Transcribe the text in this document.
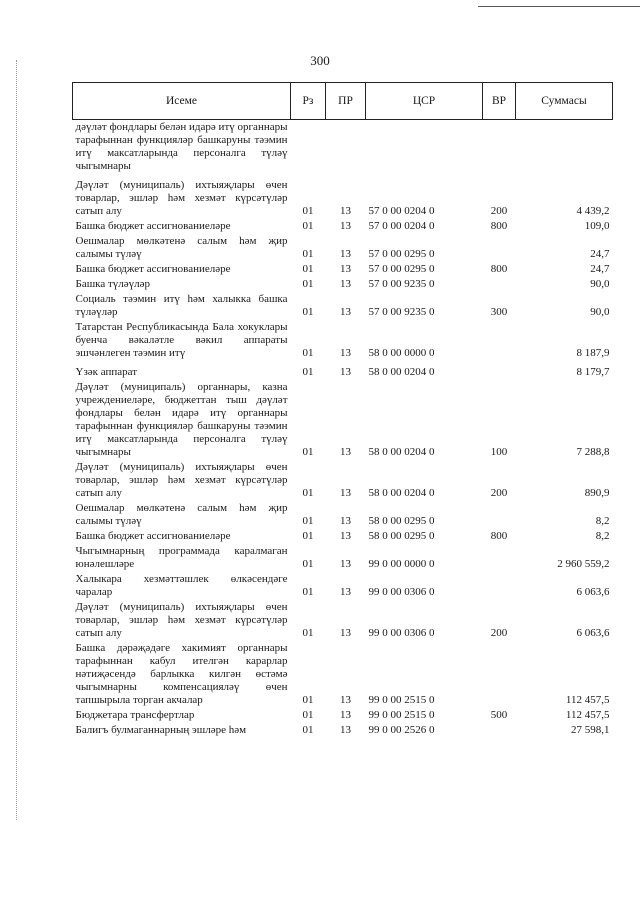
300
Исеме	Рз	ПР	ЦСР	ВР	Суммасы
дәүләт фондлары белән идарә итү органнары тарафыннан функцияләр башкаруны тәэмин итү максатларында персоналга түләү чыгымнары					
Дәүләт (муниципаль) ихтыяҗлары өчен товарлар, эшләр һәм хезмәт күрсәтүләр сатып алу	01	13	57 0 00 0204 0	200	4 439,2
Башка бюджет ассигнованиеләре	01	13	57 0 00 0204 0	800	109,0
Оешмалар мөлкәтенә салым һәм җир салымы түләү	01	13	57 0 00 0295 0		24,7
Башка бюджет ассигнованиеләре	01	13	57 0 00 0295 0	800	24,7
Башка түләүләр	01	13	57 0 00 9235 0		90,0
Социаль тәэмин итү һәм халыкка башка түләүләр	01	13	57 0 00 9235 0	300	90,0
Татарстан Республикасында Бала хокуклары буенча вәкаләтле вәкил аппараты эшчәнлеген тәэмин итү	01	13	58 0 00 0000 0		8 187,9
Үзәк аппарат	01	13	58 0 00 0204 0		8 179,7
Дәүләт (муниципаль) органнары, казна учреждениеләре, бюджеттан тыш дәүләт фондлары белән идарә итү органнары тарафыннан функцияләр башкаруны тәэмин итү максатларында персоналга түләү чыгымнары	01	13	58 0 00 0204 0	100	7 288,8
Дәүләт (муниципаль) ихтыяҗлары өчен товарлар, эшләр һәм хезмәт күрсәтүләр сатып алу	01	13	58 0 00 0204 0	200	890,9
Оешмалар мөлкәтенә салым һәм җир салымы түләү	01	13	58 0 00 0295 0		8,2
Башка бюджет ассигнованиеләре	01	13	58 0 00 0295 0	800	8,2
Чыгымнарның программада каралмаган юнәлешләре	01	13	99 0 00 0000 0		2 960 559,2
Халыкара хезмәттәшлек өлкәсендәге чаралар	01	13	99 0 00 0306 0		6 063,6
Дәүләт (муниципаль) ихтыяҗлары өчен товарлар, эшләр һәм хезмәт күрсәтүләр сатып алу	01	13	99 0 00 0306 0	200	6 063,6
Башка дәрәҗәдәге хакимият органнары тарафыннан кабул ителгән карарлар нәтиҗәсендә барлыкка килгән өстәмә чыгымнарны компенсацияләү өчен тапшырыла торган акчалар	01	13	99 0 00 2515 0		112 457,5
Бюджетара трансфертлар	01	13	99 0 00 2515 0	500	112 457,5
Балигъ булмаганнарның эшләре һәм	01	13	99 0 00 2526 0		27 598,1
